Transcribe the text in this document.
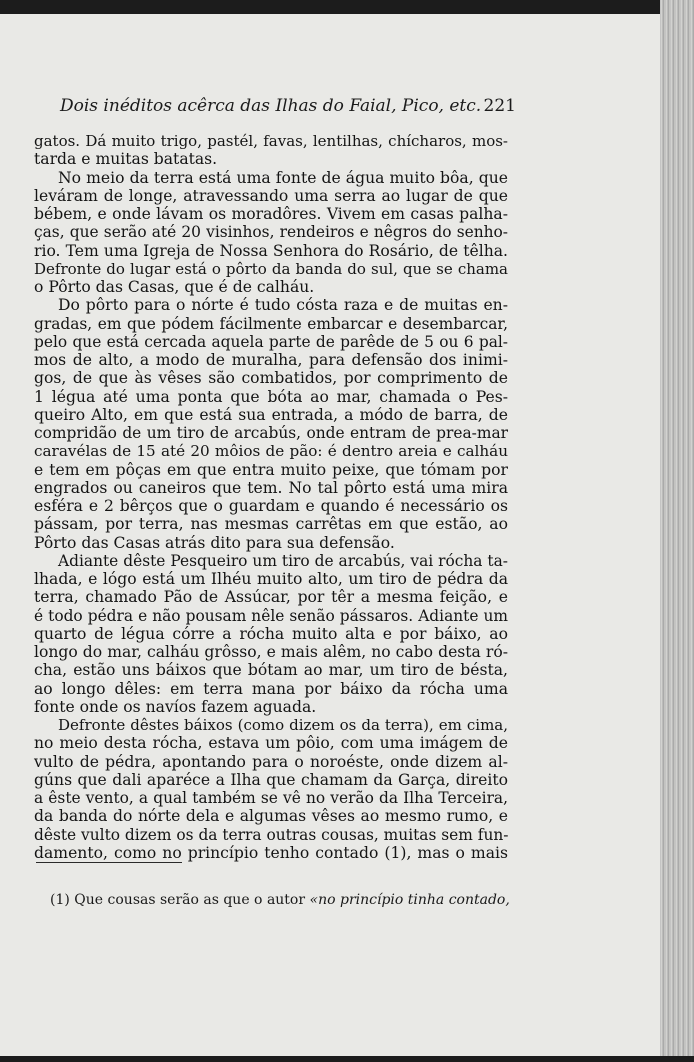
Dois inéditos acêrca das Ilhas do Faial, Pico, etc. 221
gatos. Dá muito trigo, pastél, favas, lentilhas, chícharos, mos-
tarda e muitas batatas.
No meio da terra está uma fonte de água muito bôa, que
leváram de longe, atravessando uma serra ao lugar de que
bébem, e onde lávam os moradôres. Vivem em casas palha-
ças, que serão até 20 visinhos, rendeiros e nêgros do senho-
rio. Tem uma Igreja de Nossa Senhora do Rosário, de têlha.
Defronte do lugar está o pôrto da banda do sul, que se chama
o Pôrto das Casas, que é de calháu.
Do pôrto para o nórte é tudo cósta raza e de muitas en-
gradas, em que pódem fácilmente embarcar e desembarcar,
pelo que está cercada aquela parte de parêde de 5 ou 6 pal-
mos de alto, a modo de muralha, para defensão dos inimi-
gos, de que às vêses são combatidos, por comprimento de
1 légua até uma ponta que bóta ao mar, chamada o Pes-
queiro Alto, em que está sua entrada, a módo de barra, de
compridão de um tiro de arcabús, onde entram de prea-mar
caravélas de 15 até 20 môios de pão: é dentro areia e calháu
e tem em pôças em que entra muito peixe, que tómam por
engrados ou caneiros que tem. No tal pôrto está uma mira
esféra e 2 bêrços que o guardam e quando é necessário os
pássam, por terra, nas mesmas carrêtas em que estão, ao
Pôrto das Casas atrás dito para sua defensão.
Adiante dêste Pesqueiro um tiro de arcabús, vai rócha ta-
lhada, e lógo está um Ilhéu muito alto, um tiro de pédra da
terra, chamado Pão de Assúcar, por têr a mesma feição, e
é todo pédra e não pousam nêle senão pássaros. Adiante um
quarto de légua córre a rócha muito alta e por báixo, ao
longo do mar, calháu grôsso, e mais alêm, no cabo desta ró-
cha, estão uns báixos que bótam ao mar, um tiro de bésta,
ao longo dêles: em terra mana por báixo da rócha uma
fonte onde os navíos fazem aguada.
Defronte dêstes báixos (como dizem os da terra), em cima,
no meio desta rócha, estava um pôio, com uma imágem de
vulto de pédra, apontando para o noroéste, onde dizem al-
gúns que dali aparéce a Ilha que chamam da Garça, direito
a êste vento, a qual também se vê no verão da Ilha Terceira,
da banda do nórte dela e algumas vêses ao mesmo rumo, e
dêste vulto dizem os da terra outras cousas, muitas sem fun-
damento, como no princípio tenho contado (1), mas o mais
(1) Que cousas serão as que o autor «no princípio tinha contado,
